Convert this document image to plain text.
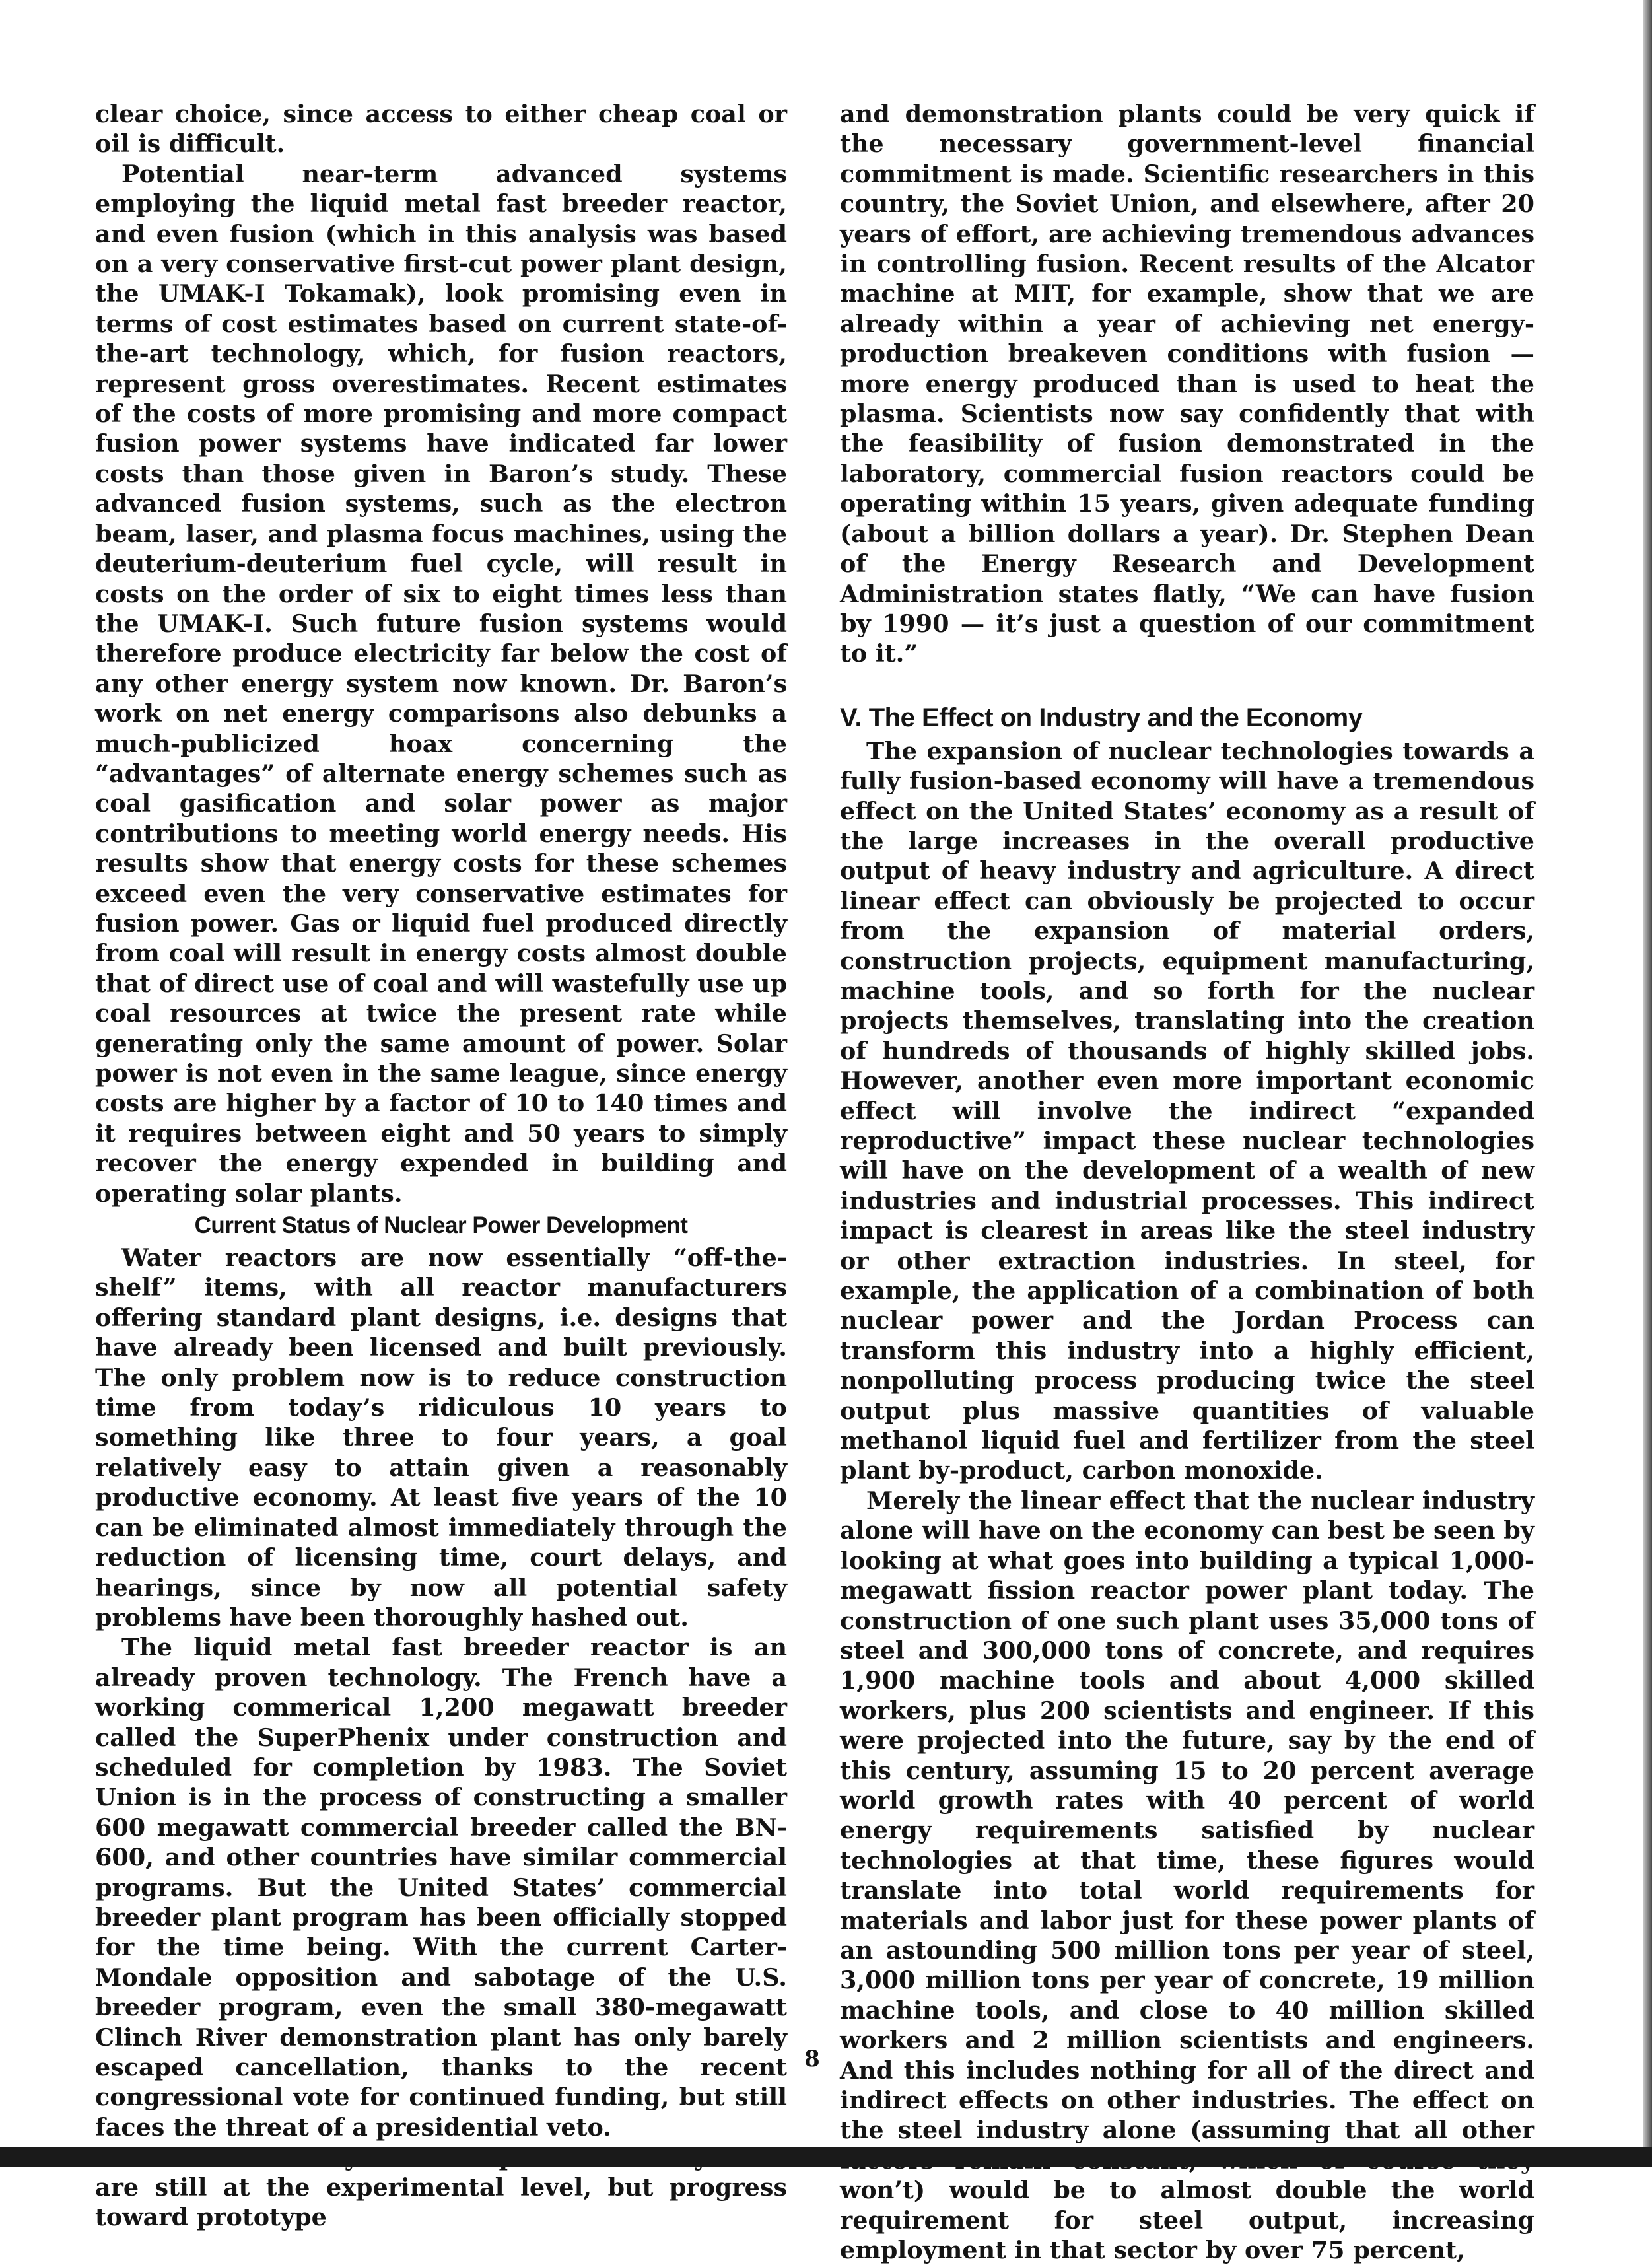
clear choice, since access to either cheap coal or oil is difficult.

Potential near-term advanced systems employing the liquid metal fast breeder reactor, and even fusion (which in this analysis was based on a very conservative first-cut power plant design, the UMAK-I Tokamak), look promising even in terms of cost estimates based on current state-of-the-art technology, which, for fusion reactors, represent gross overestimates. Recent estimates of the costs of more promising and more compact fusion power systems have indicated far lower costs than those given in Baron’s study. These advanced fusion systems, such as the electron beam, laser, and plasma focus machines, using the deuterium-deuterium fuel cycle, will result in costs on the order of six to eight times less than the UMAK-I. Such future fusion systems would therefore produce electricity far below the cost of any other energy system now known. Dr. Baron’s work on net energy comparisons also debunks a much-publicized hoax concerning the “advantages” of alternate energy schemes such as coal gasification and solar power as major contributions to meeting world energy needs. His results show that energy costs for these schemes exceed even the very conservative estimates for fusion power. Gas or liquid fuel produced directly from coal will result in energy costs almost double that of direct use of coal and will wastefully use up coal resources at twice the present rate while generating only the same amount of power. Solar power is not even in the same league, since energy costs are higher by a factor of 10 to 140 times and it requires between eight and 50 years to simply recover the energy expended in building and operating solar plants.

Current Status of Nuclear Power Development

Water reactors are now essentially “off-the-shelf” items, with all reactor manufacturers offering standard plant designs, i.e. designs that have already been licensed and built previously. The only problem now is to reduce construction time from today’s ridiculous 10 years to something like three to four years, a goal relatively easy to attain given a reasonably productive economy. At least five years of the 10 can be eliminated almost immediately through the reduction of licensing time, court delays, and hearings, since by now all potential safety problems have been thoroughly hashed out.

The liquid metal fast breeder reactor is an already proven technology. The French have a working commerical 1,200 megawatt breeder called the SuperPhenix under construction and scheduled for completion by 1983. The Soviet Union is in the process of constructing a smaller 600 megawatt commercial breeder called the BN-600, and other countries have similar commercial programs. But the United States’ commercial breeder plant program has been officially stopped for the time being. With the current Carter-Mondale opposition and sabotage of the U.S. breeder program, even the small 380-megawatt Clinch River demonstration plant has only barely escaped cancellation, thanks to the recent congressional vote for continued funding, but still faces the threat of a presidential veto.

are still at the experimental level, but progress toward prototype

and demonstration plants could be very quick if the necessary government-level financial commitment is made. Scientific researchers in this country, the Soviet Union, and elsewhere, after 20 years of effort, are achieving tremendous advances in controlling fusion. Recent results of the Alcator machine at MIT, for example, show that we are already within a year of achieving net energy-production breakeven conditions with fusion — more energy produced than is used to heat the plasma. Scientists now say confidently that with the feasibility of fusion demonstrated in the laboratory, commercial fusion reactors could be operating within 15 years, given adequate funding (about a billion dollars a year). Dr. Stephen Dean of the Energy Research and Development Administration states flatly, “We can have fusion by 1990 — it’s just a question of our commitment to it.”

V. The Effect on Industry and the Economy

The expansion of nuclear technologies towards a fully fusion-based economy will have a tremendous effect on the United States’ economy as a result of the large increases in the overall productive output of heavy industry and agriculture. A direct linear effect can obviously be projected to occur from the expansion of material orders, construction projects, equipment manufacturing, machine tools, and so forth for the nuclear projects themselves, translating into the creation of hundreds of thousands of highly skilled jobs. However, another even more important economic effect will involve the indirect “expanded reproductive” impact these nuclear technologies will have on the development of a wealth of new industries and industrial processes. This indirect impact is clearest in areas like the steel industry or other extraction industries. In steel, for example, the application of a combination of both nuclear power and the Jordan Process can transform this industry into a highly efficient, nonpolluting process producing twice the steel output plus massive quantities of valuable methanol liquid fuel and fertilizer from the steel plant by-product, carbon monoxide.

Merely the linear effect that the nuclear industry alone will have on the economy can best be seen by looking at what goes into building a typical 1,000-megawatt fission reactor power plant today. The construction of one such plant uses 35,000 tons of steel and 300,000 tons of concrete, and requires 1,900 machine tools and about 4,000 skilled workers, plus 200 scientists and engineer. If this were projected into the future, say by the end of this century, assuming 15 to 20 percent average world growth rates with 40 percent of world energy requirements satisfied by nuclear technologies at that time, these figures would translate into total world requirements for materials and labor just for these power plants of an astounding 500 million tons per year of steel, 3,000 million tons per year of concrete, 19 million machine tools, and close to 40 million skilled workers and 2 million scientists and engineers. And this includes nothing for all of the direct and indirect effects on other industries. The effect on the steel industry alone (assuming that all other won’t) would be to almost double the world requirement for steel output, increasing employment in that sector by over 75 percent,

8
